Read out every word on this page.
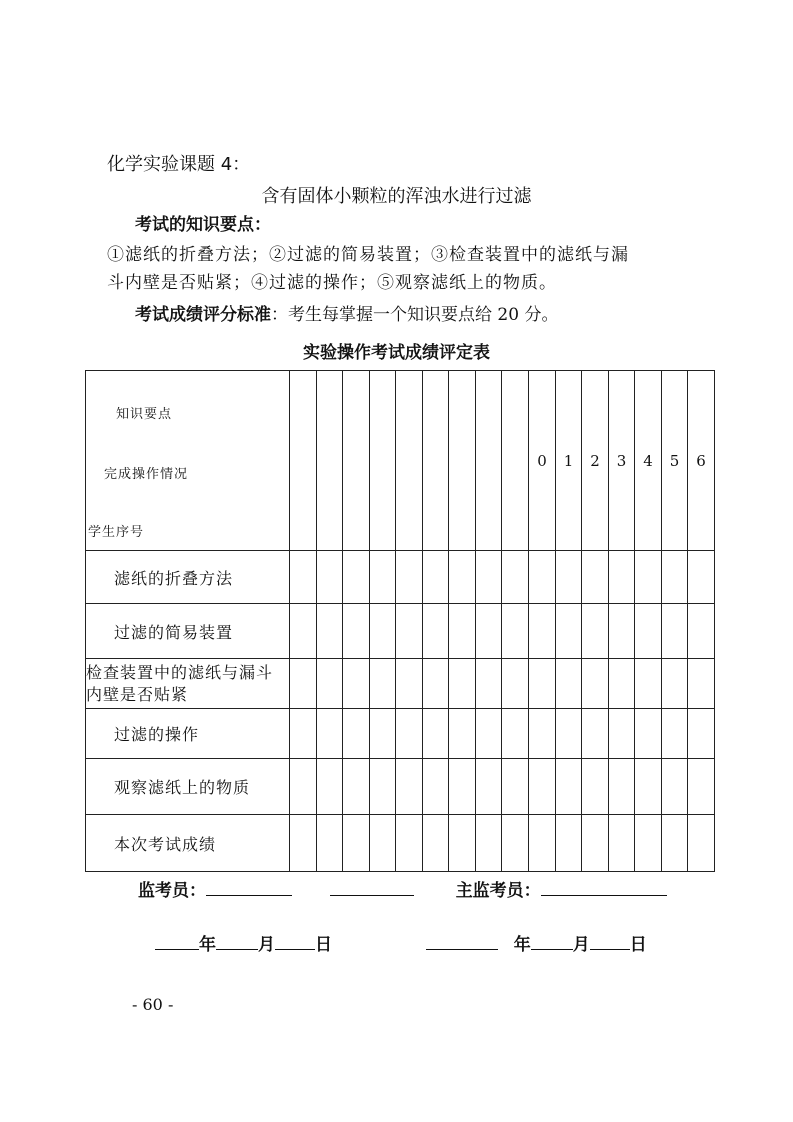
化学实验课题 4：
含有固体小颗粒的浑浊水进行过滤
考试的知识要点：
①滤纸的折叠方法；②过滤的简易装置；③检查装置中的滤纸与漏
斗内壁是否贴紧；④过滤的操作；⑤观察滤纸上的物质。
考试成绩评分标准：考生每掌握一个知识要点给 20 分。
实验操作考试成绩评定表
知识要点
完成操作情况
学生序号										0	1	2	3	4	5	6
滤纸的折叠方法																
过滤的简易装置																
检查装置中的滤纸与漏斗内壁是否贴紧																
过滤的操作																
观察滤纸上的物质																
本次考试成绩																
监考员：	主监考员：
年 月 日	年 月 日
- 60 -
